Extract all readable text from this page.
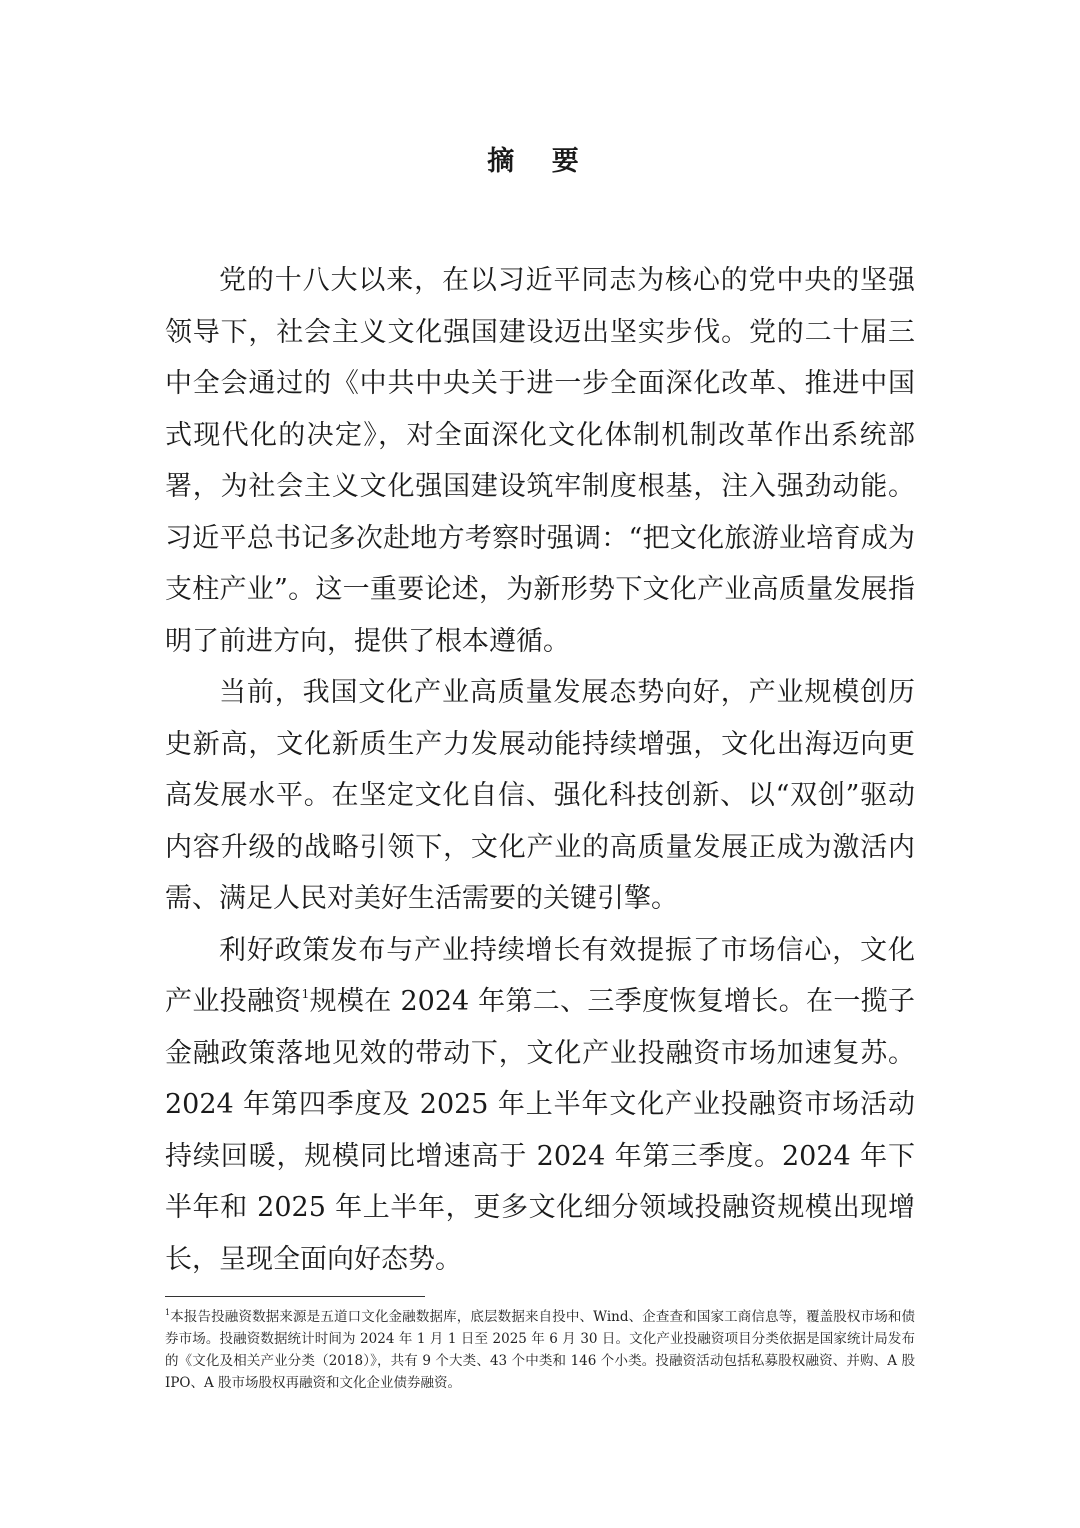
摘 要

党的十八大以来，在以习近平同志为核心的党中央的坚强领导下，社会主义文化强国建设迈出坚实步伐。党的二十届三中全会通过的《中共中央关于进一步全面深化改革、推进中国式现代化的决定》，对全面深化文化体制机制改革作出系统部署，为社会主义文化强国建设筑牢制度根基，注入强劲动能。习近平总书记多次赴地方考察时强调：“把文化旅游业培育成为支柱产业”。这一重要论述，为新形势下文化产业高质量发展指明了前进方向，提供了根本遵循。

当前，我国文化产业高质量发展态势向好，产业规模创历史新高，文化新质生产力发展动能持续增强，文化出海迈向更高发展水平。在坚定文化自信、强化科技创新、以“双创”驱动内容升级的战略引领下，文化产业的高质量发展正成为激活内需、满足人民对美好生活需要的关键引擎。

利好政策发布与产业持续增长有效提振了市场信心，文化产业投融资$^1$规模在 2024 年第二、三季度恢复增长。在一揽子金融政策落地见效的带动下，文化产业投融资市场加速复苏。2024 年第四季度及 2025 年上半年文化产业投融资市场活动持续回暖，规模同比增速高于 2024 年第三季度。2024 年下半年和 2025 年上半年，更多文化细分领域投融资规模出现增长，呈现全面向好态势。

$^1$本报告投融资数据来源是五道口文化金融数据库，底层数据来自投中、Wind、企查查和国家工商信息等，覆盖股权市场和债券市场。投融资数据统计时间为 2024 年 1 月 1 日至 2025 年 6 月 30 日。文化产业投融资项目分类依据是国家统计局发布的《文化及相关产业分类（2018）》，共有 9 个大类、43 个中类和 146 个小类。投融资活动包括私募股权融资、并购、A 股 IPO、A 股市场股权再融资和文化企业债券融资。
